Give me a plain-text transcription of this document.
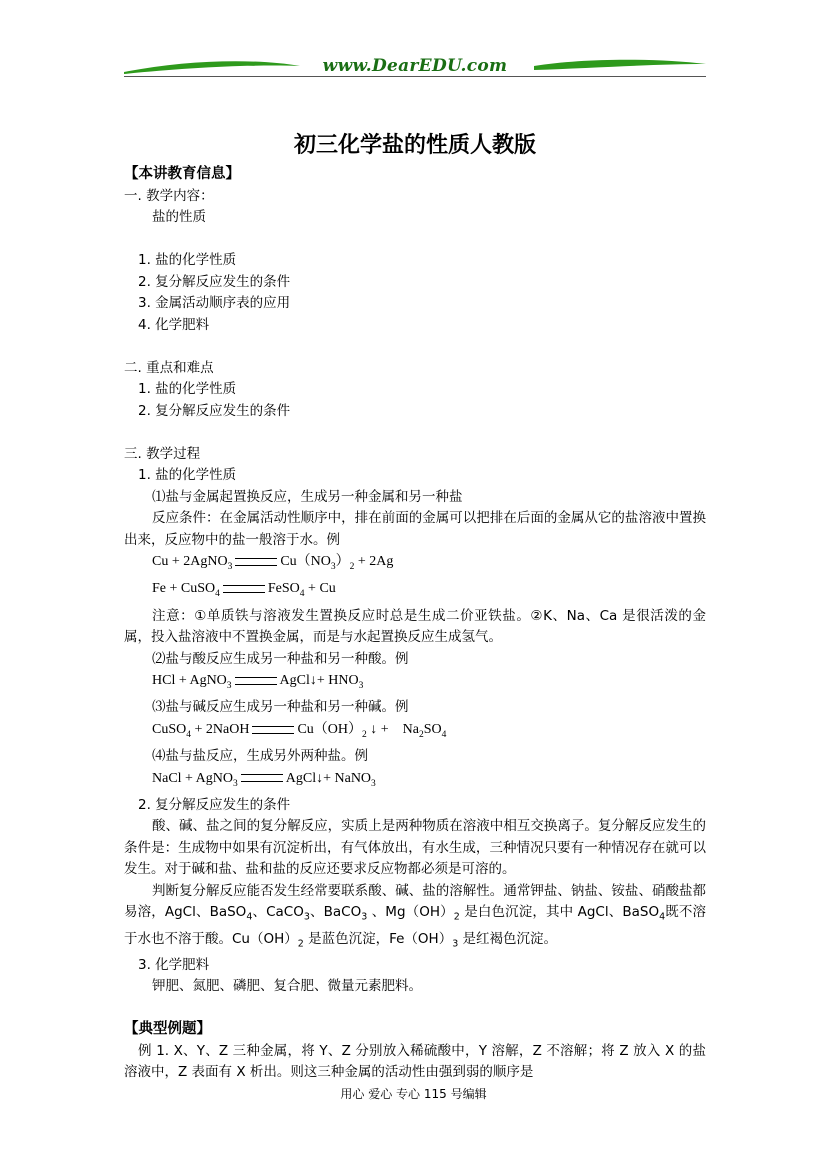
www.DearEDU.com
初三化学盐的性质人教版
【本讲教育信息】
一. 教学内容：
盐的性质
1. 盐的化学性质
2. 复分解反应发生的条件
3. 金属活动顺序表的应用
4. 化学肥料
二. 重点和难点
1. 盐的化学性质
2. 复分解反应发生的条件
三. 教学过程
1. 盐的化学性质
⑴盐与金属起置换反应，生成另一种金属和另一种盐
反应条件：在金属活动性顺序中，排在前面的金属可以把排在后面的金属从它的盐溶液中置换出来，反应物中的盐一般溶于水。例
Cu + 2AgNO$_3$	$Cu(NO_3)_2 + 2Ag$
Fe + CuSO$_4$	FeSO$_4$ + Cu
注意：①单质铁与溶液发生置换反应时总是生成二价亚铁盐。②K、Na、Ca 是很活泼的金属，投入盐溶液中不置换金属，而是与水起置换反应生成氢气。
⑵盐与酸反应生成另一种盐和另一种酸。例
HCl + AgNO$_3$	AgCl↓+ $HNO_3$
⑶盐与碱反应生成另一种盐和另一种碱。例
CuSO$_4$ + 2NaOH	$Cu(OH)_2$ ↓ +    $Na_2SO_4$
⑷盐与盐反应，生成另外两种盐。例
NaCl + AgNO$_3$	AgCl↓+ NaNO$_3$
2. 复分解反应发生的条件
酸、碱、盐之间的复分解反应，实质上是两种物质在溶液中相互交换离子。复分解反应发生的条件是：生成物中如果有沉淀析出，有气体放出，有水生成，三种情况只要有一种情况存在就可以发生。对于碱和盐、盐和盐的反应还要求反应物都必须是可溶的。
判断复分解反应能否发生经常要联系酸、碱、盐的溶解性。通常钾盐、钠盐、铵盐、硝酸盐都易溶，AgCl、BaSO$_4$、CaCO$_3$、BaCO$_3$ 、$Mg(OH)_2$ 是白色沉淀，其中 AgCl、BaSO$_4$既不溶于水也不溶于酸。$Cu(OH)_2$ 是蓝色沉淀，$Fe(OH)_3$ 是红褐色沉淀。
3. 化学肥料
钾肥、氮肥、磷肥、复合肥、微量元素肥料。
【典型例题】
例 1. X、Y、Z 三种金属，将 Y、Z 分别放入稀硫酸中，Y 溶解，Z 不溶解；将 Z 放入 X 的盐溶液中，Z 表面有 X 析出。则这三种金属的活动性由强到弱的顺序是
用心 爱心 专心 115 号编辑
